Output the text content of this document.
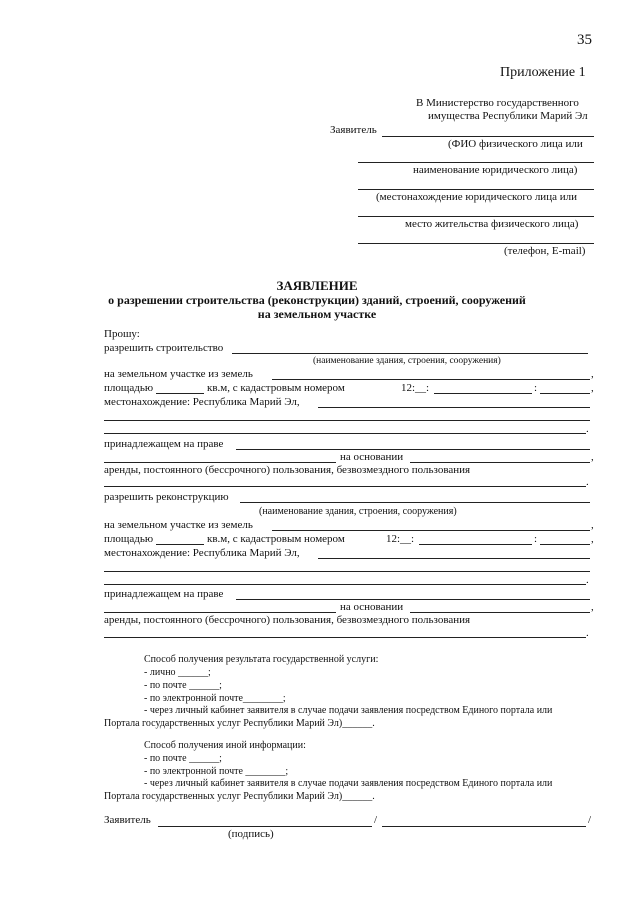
35
Приложение 1
В Министерство государственного
имущества Республики Марий Эл
Заявитель
(ФИО физического лица или
наименование юридического лица)
(местонахождение юридического лица или
место жительства физического лица)
(телефон, E-mail)
ЗАЯВЛЕНИЕ
о разрешении строительства (реконструкции) зданий, строений, сооружений
на земельном участке
Прошу:
разрешить строительство
(наименование здания, строения, сооружения)
на земельном участке из земель	,
площадью	кв.м, с кадастровым номером	12:__:	:	,
местонахождение: Республика Марий Эл,
.
принадлежащем на праве
на основании	,
аренды, постоянного (бессрочного) пользования, безвозмездного пользования
.
разрешить реконструкцию
(наименование здания, строения, сооружения)
на земельном участке из земель	,
площадью	кв.м, с кадастровым номером	12:__:	:	,
местонахождение: Республика Марий Эл,
.
принадлежащем на праве
на основании	,
аренды, постоянного (бессрочного) пользования, безвозмездного пользования
.
Способ получения результата государственной услуги:
- лично ______;
- по почте ______;
- по электронной почте________;
- через личный кабинет заявителя в случае подачи заявления посредством Единого портала или
Портала государственных услуг Республики Марий Эл)______.
Способ получения иной информации:
- по почте ______;
- по электронной почте ________;
- через личный кабинет заявителя в случае подачи заявления посредством Единого портала или
Портала государственных услуг Республики Марий Эл)______.
Заявитель	/	/
(подпись)
